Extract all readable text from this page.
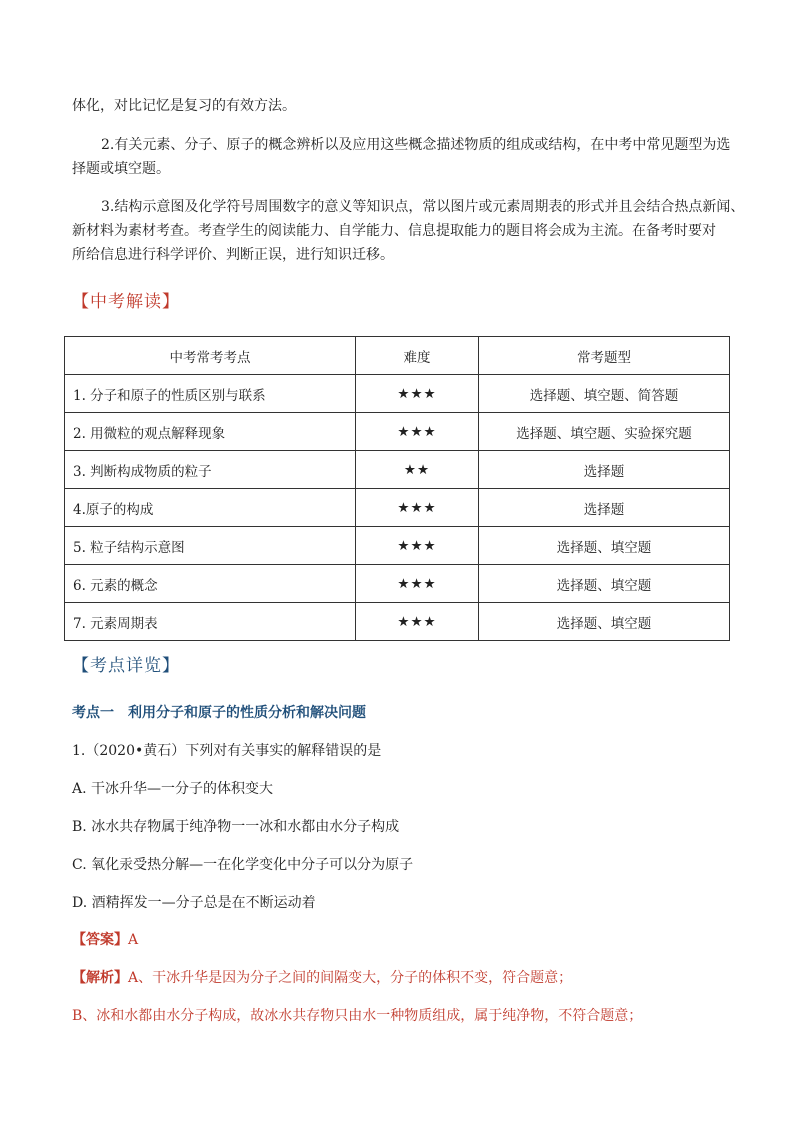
体化，对比记忆是复习的有效方法。
2.有关元素、分子、原子的概念辨析以及应用这些概念描述物质的组成或结构，在中考中常见题型为选
择题或填空题。
3.结构示意图及化学符号周围数字的意义等知识点，常以图片或元素周期表的形式并且会结合热点新闻、
新材料为素材考查。考查学生的阅读能力、自学能力、信息提取能力的题目将会成为主流。在备考时要对
所给信息进行科学评价、判断正误，进行知识迁移。
【中考解读】
中考常考考点	难度	常考题型
1. 分子和原子的性质区别与联系	★★★	选择题、填空题、简答题
2. 用微粒的观点解释现象	★★★	选择题、填空题、实验探究题
3. 判断构成物质的粒子	★★	选择题
4.原子的构成	★★★	选择题
5. 粒子结构示意图	★★★	选择题、填空题
6. 元素的概念	★★★	选择题、填空题
7. 元素周期表	★★★	选择题、填空题
【考点详览】
考点一　利用分子和原子的性质分析和解决问题
1.（2020•黄石）下列对有关事实的解释错误的是
A. 干冰升华—一分子的体积变大
B. 冰水共存物属于纯净物一一冰和水都由水分子构成
C. 氧化汞受热分解—一在化学变化中分子可以分为原子
D. 酒精挥发一—分子总是在不断运动着
【答案】A
【解析】A、干冰升华是因为分子之间的间隔变大，分子的体积不变，符合题意；
B、冰和水都由水分子构成，故冰水共存物只由水一种物质组成，属于纯净物，不符合题意；
